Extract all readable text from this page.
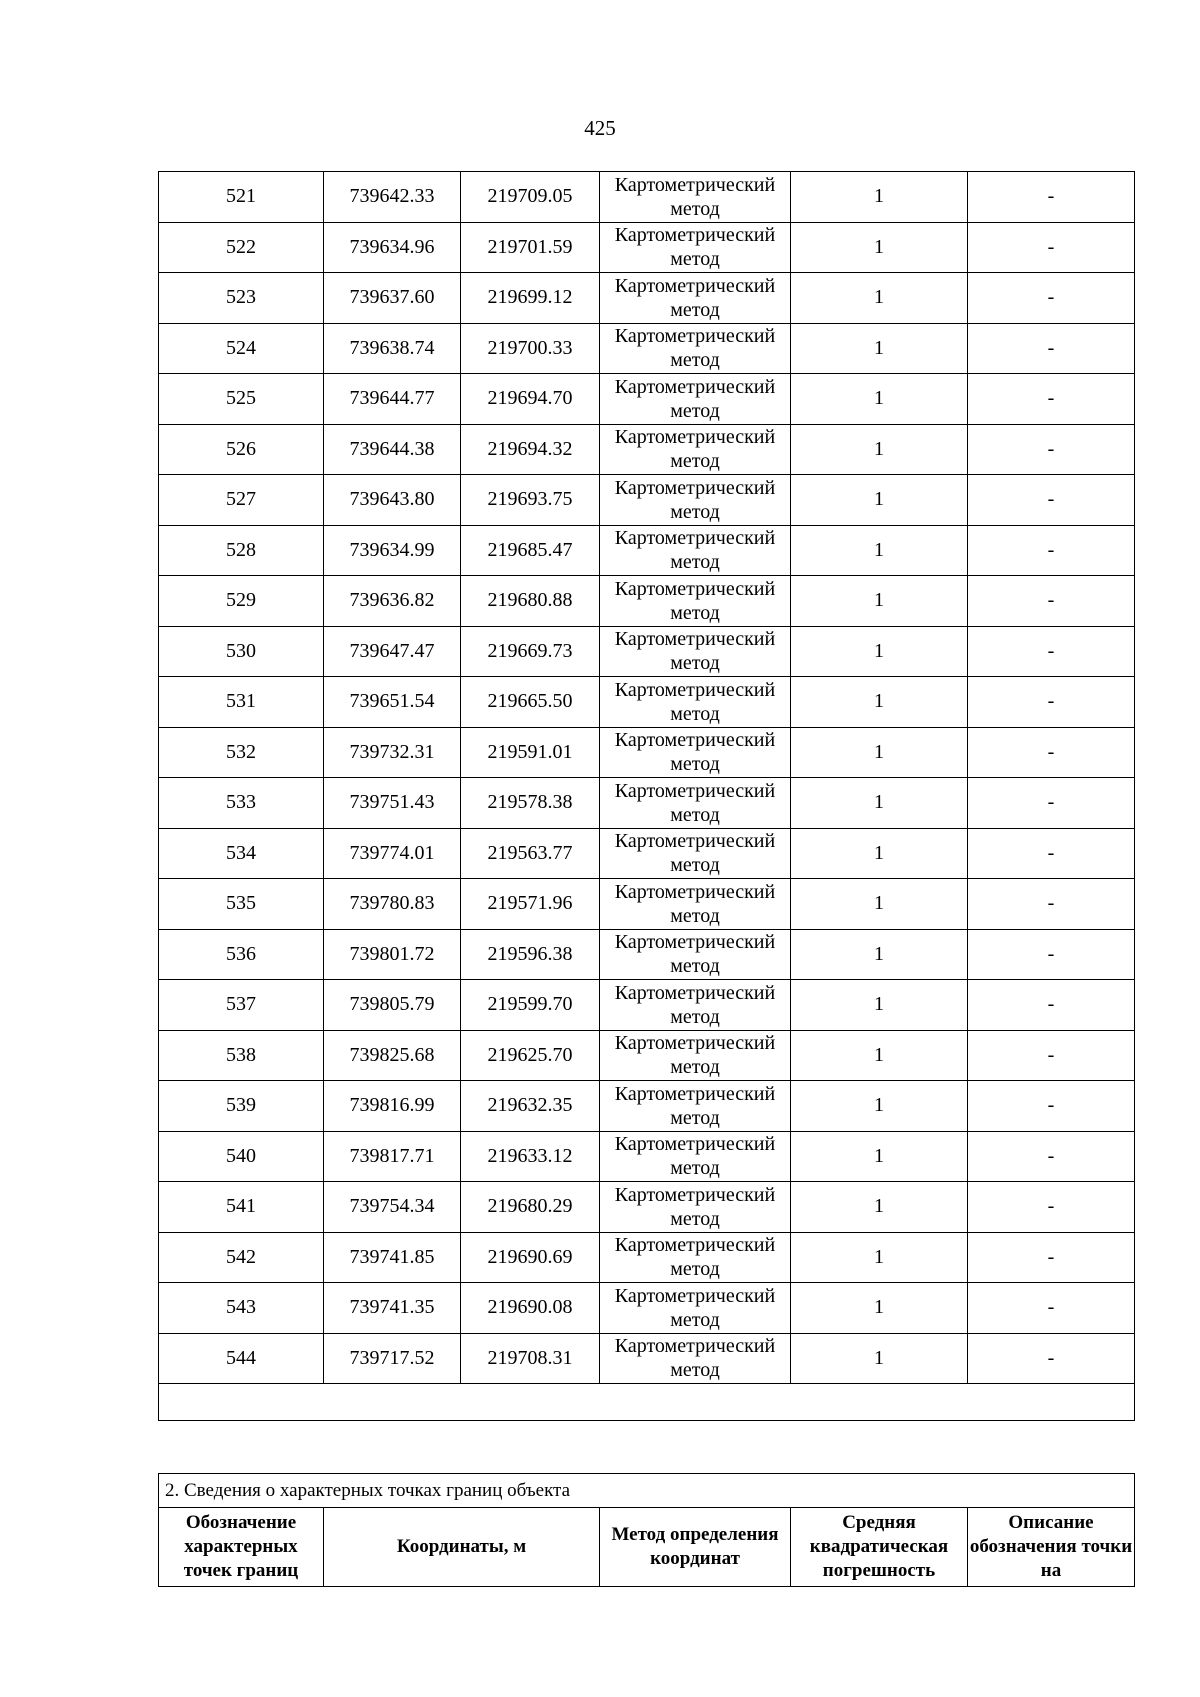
425
521	739642.33	219709.05	Картометрический метод	1	-
522	739634.96	219701.59	Картометрический метод	1	-
523	739637.60	219699.12	Картометрический метод	1	-
524	739638.74	219700.33	Картометрический метод	1	-
525	739644.77	219694.70	Картометрический метод	1	-
526	739644.38	219694.32	Картометрический метод	1	-
527	739643.80	219693.75	Картометрический метод	1	-
528	739634.99	219685.47	Картометрический метод	1	-
529	739636.82	219680.88	Картометрический метод	1	-
530	739647.47	219669.73	Картометрический метод	1	-
531	739651.54	219665.50	Картометрический метод	1	-
532	739732.31	219591.01	Картометрический метод	1	-
533	739751.43	219578.38	Картометрический метод	1	-
534	739774.01	219563.77	Картометрический метод	1	-
535	739780.83	219571.96	Картометрический метод	1	-
536	739801.72	219596.38	Картометрический метод	1	-
537	739805.79	219599.70	Картометрический метод	1	-
538	739825.68	219625.70	Картометрический метод	1	-
539	739816.99	219632.35	Картометрический метод	1	-
540	739817.71	219633.12	Картометрический метод	1	-
541	739754.34	219680.29	Картометрический метод	1	-
542	739741.85	219690.69	Картометрический метод	1	-
543	739741.35	219690.08	Картометрический метод	1	-
544	739717.52	219708.31	Картометрический метод	1	-

2. Сведения о характерных точках границ объекта
Обозначение характерных точек границ	Координаты, м	Метод определения координат	Средняя квадратическая погрешность	Описание обозначения точки на
